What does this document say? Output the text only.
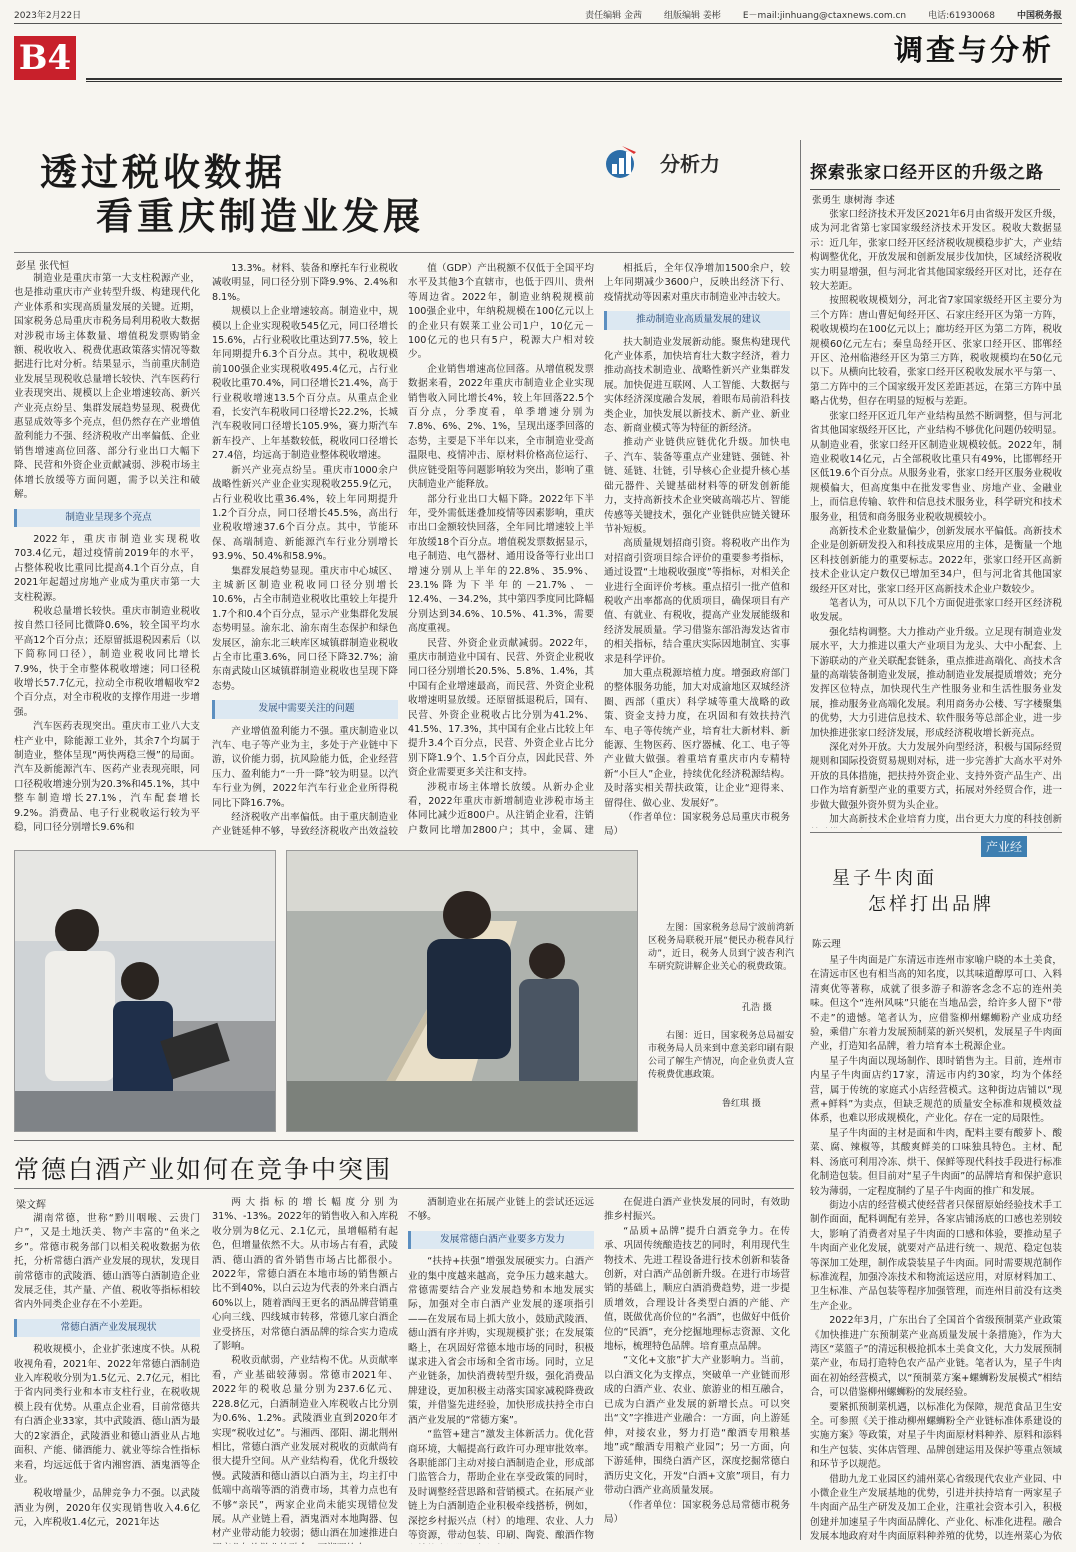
2023年2月22日	责任编辑 金茜 组版编辑 姜彬 E－mail:jinhuang@ctaxnews.com.cn 电话:61930068 中国税务报
B4	调查与分析
透过税收数据
看重庆制造业发展
分析力
彭星 张代恒

制造业是重庆市第一大支柱税源产业，也是推动重庆市产业转型升级、构建现代化产业体系和实现高质量发展的关键。近期，国家税务总局重庆市税务局利用税收大数据对涉税市场主体数量、增值税发票购销金额、税收收入、税费优惠政策落实情况等数据进行比对分析。结果显示，当前重庆制造业发展呈现税收总量增长较快、汽车医药行业表现突出、规模以上企业增速较高、新兴产业亮点纷呈、集群发展趋势显现、税费优惠显成效等多个亮点，但仍然存在产业增值盈利能力不强、经济税收产出率偏低、企业销售增速高位回落、部分行业出口大幅下降、民营和外资企业贡献减弱、涉税市场主体增长放缓等方面问题，需予以关注和破解。

制造业呈现多个亮点

2022年，重庆市制造业实现税收703.4亿元，超过疫情前2019年的水平，占整体税收比重同比提高4.1个百分点，自2021年起超过房地产业成为重庆市第一大支柱税源。

税收总量增长较快。重庆市制造业税收按自然口径同比微降0.6%，较全国平均水平高12个百分点；还原留抵退税因素后（以下简称同口径），制造业税收同比增长7.9%，快于全市整体税收增速；同口径税收增长57.7亿元，拉动全市税收增幅收窄2个百分点，对全市税收的支撑作用进一步增强。

汽车医药表现突出。重庆市工业八大支柱产业中，除能源工业外，其余7个均属于制造业，整体呈现“两快两稳三慢”的局面。汽车及新能源汽车、医药产业表现亮眼，同口径税收增速分别为20.3%和45.1%，其中整车制造增长27.1%，汽车配套增长9.2%。消费品、电子行业税收运行较为平稳，同口径分别增长9.6%和

13.3%。材料、装备和摩托车行业税收减收明显，同口径分别下降9.9%、2.4%和8.1%。

规模以上企业增速较高。制造业中，规模以上企业实现税收545亿元，同口径增长15.6%，占行业税收比重达到77.5%，较上年同期提升6.3个百分点。其中，税收规模前100强企业实现税收495.4亿元，占行业税收比重70.4%，同口径增长21.4%，高于行业税收增速13.5个百分点。从重点企业看，长安汽车税收同口径增长22.2%，长城汽车税收同口径增长105.9%，赛力斯汽车新车投产、上年基数较低，税收同口径增长27.4倍，均远高于制造业整体税收增速。

新兴产业亮点纷呈。重庆市1000余户战略性新兴产业企业实现税收255.9亿元，占行业税收比重36.4%，较上年同期提升1.2个百分点，同口径增长45.5%，高出行业税收增速37.6个百分点。其中，节能环保、高端制造、新能源汽车行业分别增长93.9%、50.4%和58.9%。

集群发展趋势显现。重庆市中心城区、主城新区制造业税收同口径分别增长10.6%，占全市制造业税收比重较上年提升1.7个和0.4个百分点，显示产业集群化发展态势明显。渝东北、渝东南生态保护和绿色发展区，渝东北三峡库区城镇群制造业税收占全市比重3.6%，同口径下降32.7%；渝东南武陵山区城镇群制造业税收也呈现下降态势。

发展中需要关注的问题

产业增值盈利能力不强。重庆制造业以汽车、电子等产业为主，多处于产业链中下游，议价能力弱，抗风险能力低，企业经营压力、盈利能力“一升一降”较为明显。以汽车行业为例，2022年汽车行业企业所得税同比下降16.7%。

经济税收产出率偏低。由于重庆制造业产业链延伸不够，导致经济税收产出效益较

值（GDP）产出税额不仅低于全国平均水平及其他3个直辖市，也低于四川、贵州等周边省。2022年，制造业纳税规模前100强企业中，年纳税规模在100亿元以上的企业只有娱莱工业公司1户，10亿元－100亿元的也只有5户，税源大户相对较少。

企业销售增速高位回落。从增值税发票数据来看，2022年重庆市制造业企业实现销售收入同比增长4%，较上年回落22.5个百分点，分季度看，单季增速分别为7.8%、6%、2%、1%，呈现出逐季回落的态势，主要是下半年以来，全市制造业受高温限电、疫情冲击、原材料价格高位运行、供应链受阻等问题影响较为突出，影响了重庆制造业产能释放。

部分行业出口大幅下降。2022年下半年，受外需低迷叠加疫情等因素影响，重庆市出口金额较快回落，全年同比增速较上半年放缓18个百分点。增值税发票数据显示，电子制造、电气器材、通用设备等行业出口增速分别从上半年的22.8%、35.9%、23.1%降为下半年的－21.7%、－12.4%、－34.2%，其中第四季度同比降幅分别达到34.6%、10.5%、41.3%，需要高度重视。

民营、外资企业贡献减弱。2022年，重庆市制造业中国有、民营、外资企业税收同口径分别增长20.5%、5.8%、1.4%，其中国有企业增速最高，而民营、外资企业税收增速明显放缓。还原留抵退税后，国有、民营、外资企业税收占比分别为41.2%、41.5%、17.3%，其中国有企业占比较上年提升3.4个百分点，民营、外资企业占比分别下降1.9个、1.5个百分点，因此民营、外资企业需要更多关注和支持。

涉税市场主体增长放缓。从新办企业看，2022年重庆市新增制造业涉税市场主体同比减少近800户。从注销企业看，注销户数同比增加2800户；其中，金属、建

相抵后，全年仅净增加1500余户，较上年同期减少3600户，反映出经济下行、疫情扰动等因素对重庆市制造业冲击较大。

推动制造业高质量发展的建议

扶大制造业发展新动能。聚焦构建现代化产业体系，加快培育壮大数字经济，着力推动高技术制造业、战略性新兴产业集群发展。加快促进互联网、人工智能、大数据与实体经济深度融合发展，着眼布局前沿科技类企业，加快发展以新技术、新产业、新业态、新商业模式等为特征的新经济。

推动产业链供应链优化升级。加快电子、汽车、装备等重点产业建链、强链、补链、延链、壮链，引导核心企业提升核心基础元器件、关键基础材料等的研发创新能力，支持高新技术企业突破高端芯片、智能传感等关键技术，强化产业链供应链关键环节补短板。

高质量规划招商引资。将税收产出作为对招商引资项目综合评价的重要参考指标，通过设置“土地税收强度”等指标，对相关企业进行全面评价考核。重点招引一批产值和税收产出率都高的优质项目，确保项目有产值、有就业、有税收，提高产业发展能级和经济发展质量。学习借鉴东部沿海发达省市的相关指标，结合重庆实际因地制宜、实事求是科学评价。

加大重点税源培植力度。增强政府部门的整体服务功能，加大对成渝地区双城经济圈、西部（重庆）科学城等重大战略的政策、资金支持力度，在巩固和有效扶持汽车、电子等传统产业，培育壮大新材料、新能源、生物医药、医疗器械、化工、电子等产业做大做强。着重培育重庆市内专精特新“小巨人”企业，持续优化经济税源结构。及时落实相关帮扶政策，让企业“迎得来、留得住、做心业、发展好”。

（作者单位：国家税务总局重庆市税务局）

探索张家口经开区的升级之路
张勇生 康树海 李述

张家口经济技术开发区2021年6月由省级开发区升级，成为河北省第七家国家级经济技术开发区。税收大数据显示：近几年，张家口经开区经济税收规模稳步扩大，产业结构调整优化，开放发展和创新发展步伐加快，区域经济税收实力明显增强，但与河北省其他国家级经开区对比，还存在较大差距。

按照税收规模划分，河北省7家国家级经开区主要分为三个方阵：唐山曹妃甸经开区、石家庄经开区为第一方阵，税收规模均在100亿元以上；廊坊经开区为第二方阵，税收规模60亿元左右；秦皇岛经开区、张家口经开区、邯郸经开区、沧州临港经开区为第三方阵，税收规模均在50亿元以下。从横向比较看，张家口经开区税收发展水平与第一、第二方阵中的三个国家级开发区差距甚远，在第三方阵中虽略占优势，但存在明显的短板与差距。

张家口经开区近几年产业结构虽然不断调整，但与河北省其他国家级经开区比，产业结构不够优化问题仍较明显。从制造业看，张家口经开区制造业规模较低。2022年，制造业税收14亿元，占全部税收比重只有49%，比邯郸经开区低19.6个百分点。从服务业看，张家口经开区服务业税收规模偏大，但高度集中在批发零售业、房地产业、金融业上，而信息传输、软件和信息技术服务业，科学研究和技术服务业，租赁和商务服务业税收规模较小。

高新技术企业数量偏少，创新发展水平偏低。高新技术企业是创新研发投入和科技成果应用的主体，是衡量一个地区科技创新能力的重要标志。2022年，张家口经开区高新技术企业认定户数仅已增加至34户，但与河北省其他国家级经开区对比，张家口经开区高新技术企业户数较少。

笔者认为，可从以下几个方面促进张家口经开区经济税收发展。

强化结构调整。大力推动产业升级。立足现有制造业发展水平，大力推进以重大产业项目为龙头、大中小配套、上下游联动的产业关联配套链条，重点推进高端化、高技术含量的高端装备制造业发展，推动制造业发展提质增效；充分发挥区位特点，加快现代生产性服务业和生活性服务业发展，推动服务业高端化发展。利用商务办公楼、写字楼聚集的优势，大力引进信息技术、软件服务等总部企业，进一步加快推进张家口经济发展，形成经济税收增长新亮点。

深化对外开放。大力发展外向型经济，积极与国际经贸规则和国际投资贸易规则对标，进一步完善扩大高水平对外开放的具体措施，把扶持外资企业、支持外资产品生产、出口作为培育新型产业的重要方式，拓展对外经贸合作，进一步做大做强外资外贸为头企业。

加大高新技术企业培育力度，出台更大力度的科技创新

产业经
星子牛肉面
怎样打出品牌
陈云理

星子牛肉面是广东清远市连州市家喻户晓的本土美食，在清远市区也有相当高的知名度，以其味道醇厚可口、入料清爽优等著称，成就了很多游子和游客念念不忘的连州美味。但这个“连州风味”只能在当地品尝，给许多人留下“带不走”的遗憾。笔者认为，应借鉴柳州螺蛳粉产业成功经验，乘借广东着力发展预制菜的新兴契机，发展星子牛肉面产业，打造知名品牌，着力培育本土税源企业。

星子牛肉面以现场制作、即时销售为主。目前，连州市内星子牛肉面店约17家，清远市内约30家，均为个体经营，属于传统的家庭式小店经营模式。这种街边店铺以“现煮+鲜料”为卖点，但缺乏规范的质量安全标准和规模效益体系，也难以形成规模化，产业化。存在一定的局限性。

星子牛肉面的主材是面和牛肉，配料主要有酸萝卜、酸菜、腐、辣椒等，其酸爽鲜美的口味独具特色。主材、配料、汤底可利用冷冻、烘干、保鲜等现代科技手段进行标准化制造包装。但目前对“星子牛肉面”的品牌培育和保护意识较为薄弱，一定程度制约了星子牛肉面的推广和发展。

街边小店的经营模式使经营者只保留原始经验技术手工制作面面，配料调配有差异，各家店铺汤底的口感也差别较大，影响了消费者对星子牛肉面的口感和体验，要推动星子牛肉面产业化发展，就要对产品进行统一、规范、稳定包装等深加工处理，制作成袋装星子牛肉面。同时需要规范制作标准流程，加强冷冻技术和物流运送应用，对原材料加工、卫生标准、产品包装等程序加强管理，而连州目前没有这类生产企业。

2022年3月，广东出台了全国首个省级预制菜产业政策《加快推进广东预制菜产业高质量发展十条措施》，作为大湾区“菜篮子”的清远积极抢抓本土美食文化，大力发展预制菜产业，布局打造特色农产品产业链。笔者认为，星子牛肉面在初始经营模式，以“预制菜方案+螺蛳粉发展模式”相结合，可以借鉴柳州螺蛳粉的发展经验。

要紧抓预制菜机遇，以标准化为保障，规范食品卫生安全。可参照《关于推动柳州螺蛳粉全产业链标准体系建设的实施方案》等政策，对星子牛肉面原材料种养、原料和添料和生产包装、实体店管理、品牌创建运用及保护等重点领域和环节予以规范。

借助九龙工业园区约浦州菜心省级现代农业产业园、中小微企业生产发展基地的优势，引进并扶持培育一两家星子牛肉面产品生产研发及加工企业，注重社会资本引入，积极创建并加速星子牛肉面品牌化、产业化、标准化进程。融合发展本地政府对牛肉面原料种养殖的优势，以连州菜心为依

左图：国家税务总局宁波前湾新区税务局联税开展“便民办税春风行动”，近日，税务人员到宁波杏利汽车研究院讲解企业关心的税费政策。
孔浩 摄
右图：近日，国家税务总局福安市税务局人员来到中意美彩印刷有限公司了解生产情况，向企业负责人宣传税费优惠政策。
鲁红琪 摄
常德白酒产业如何在竞争中突围
梁文辉

湖南常德，世称“黔川咽喉、云贵门户”，又是土地沃美、物产丰富的“鱼米之乡”。常德市税务部门以相关税收数据为依托，分析常德白酒产业发展的现状，发现目前常德市的武陵酒、德山酒等白酒制造企业发展乏佳，其产量、产值、税收等指标相较省内外同类企业存在不小差距。

常德白酒产业发展现状

税收规模小，企业扩张速度不快。从税收视角看，2021年、2022年常德白酒制造业入库税收分别为1.5亿元、2.7亿元，相比于省内同类行业和本市支柱行业，在税收规模上段有优势。从重点企业看，目前常德共有白酒企业33家，其中武陵酒、德山酒为最大的2家酒企，武陵酒业和德山酒业从占地面积、产能、储酒能力、就业等综合性指标来看，均远远低于省内湘窖酒、酒鬼酒等企业。

税收增量少，品牌竞争力不强。以武陵酒业为例，2020年仅实现销售收入4.6亿元，入库税收1.4亿元，2021年达

两大指标的增长幅度分别为31%、-13%。2022年的销售收入和入库税收分别为8亿元、2.1亿元，虽增幅稍有起色，但增量依然不大。从市场占有看，武陵酒、德山酒的省外销售市场占比都很小。2022年，常德白酒在本地市场的销售额占比不到40%，以白云边为代表的外来白酒占60%以上，随着酒闯王更名的酒品牌营销重心向三线、四线城市转移，常德几家白酒企业受挤压，对常德白酒品牌的综合实力造成了影响。

税收贡献弱，产业结构不优。从贡献率看，产业基础较薄弱。常德市2021年、2022年的税收总量分别为237.6亿元、228.8亿元，白酒制造业入库税收占比分别为0.6%、1.2%。武陵酒业直到2020年才实现“税收过亿”。与湘西、邵阳、湖北荆州相比，常德白酒产业发展对税收的贡献尚有很大提升空间。从产业结构看，优化升级较慢。武陵酒和德山酒以白酒为主，均主打中低端中高端等酒的消费市场，其着力点也有不够“亲民”，两家企业尚未能实现错位发展。从产业链上看，酒鬼酒对本地陶器、包材产业带动能力较弱；德山酒在加速推进白

酒制造业在拓展产业链上的尝试还远远不够。

发展常德白酒产业要多方发力

“扶持+扶强”增强发展硬实力。白酒产业的集中度越来越高，竞争压力越来越大。常德需要结合产业发展趋势和本地发展实际，加强对全市白酒产业发展的逐项指引——在发展布局上抓大放小，鼓励武陵酒、德山酒有序并购，实现规模扩张；在发展策略上，在巩固好常德本地市场的同时，积极谋求进入省会市场和全省市场。同时，立足产业链条，加快消费转型升级，强化消费品牌建设，更加积极主动落实国家减税降费政策，并借鉴先进经验，加快形成扶持全市白酒产业发展的“常德方案”。

“监管+建言”激发主体新活力。优化营商环境，大幅提高行政许可办理审批效率。各职能部门主动对接白酒制造企业，形成部门监管合力，帮助企业在享受政策的同时，及时调整经营思路和营销模式。在拓展产业链上为白酒制造企业积极牵线搭桥，例如，深挖乡村振兴点（村）的地理、农业、人力等资源，带动包装、印刷、陶瓷、酿酒作物

在促进白酒产业快发展的同时，有效助推乡村振兴。

“品质+品牌”提升白酒竞争力。在传承、巩固传统酿造技艺的同时，利用现代生物技术、先进工程设备进行技术创新和装备创新，对白酒产品创新升级。在进行市场营销的基础上，顺应白酒消费趋势，进一步提质增效，合理设计各类型白酒的产能、产值，既做优高价位的“名酒”，也做好中低价位的“民酒”，充分挖掘地理标志资源、文化地标，梳理特色品牌。培育重点品牌。

“文化+文旅”扩大产业影响力。当前，以白酒文化为支撑点，突破单一产业链而形成的白酒产业、农业、旅游业的相互融合，已成为白酒产业发展的新增长点。可以突出“文”字推进产业融合：一方面，向上游延伸，对接农业，努力打造“酿酒专用粮基地”或“酿酒专用粮产业园”；另一方面，向下游延伸，围绕白酒产区，深度挖掘常德白酒历史文化，开发“白酒+文旅”项目，有力带动白酒产业高质量发展。

（作者单位：国家税务总局常德市税务局）
